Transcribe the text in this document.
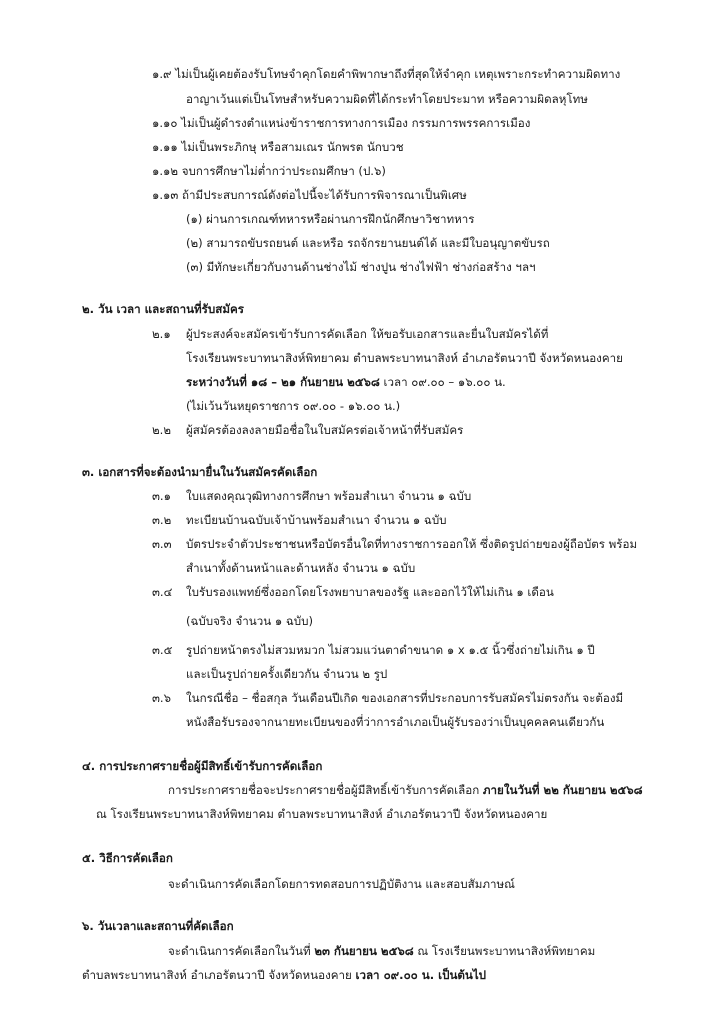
๑.๙ ไม่เป็นผู้เคยต้องรับโทษจำคุกโดยคำพิพากษาถึงที่สุดให้จำคุก เหตุเพราะกระทำความผิดทาง
อาญาเว้นแต่เป็นโทษสำหรับความผิดที่ได้กระทำโดยประมาท หรือความผิดลหุโทษ
๑.๑๐ ไม่เป็นผู้ดำรงตำแหน่งข้าราชการทางการเมือง กรรมการพรรคการเมือง
๑.๑๑ ไม่เป็นพระภิกษุ หรือสามเณร นักพรต นักบวช
๑.๑๒ จบการศึกษาไม่ต่ำกว่าประถมศึกษา (ป.๖)
๑.๑๓ ถ้ามีประสบการณ์ดังต่อไปนี้จะได้รับการพิจารณาเป็นพิเศษ
(๑) ผ่านการเกณฑ์ทหารหรือผ่านการฝึกนักศึกษาวิชาทหาร
(๒) สามารถขับรถยนต์ และหรือ รถจักรยานยนต์ได้ และมีใบอนุญาตขับรถ
(๓) มีทักษะเกี่ยวกับงานด้านช่างไม้ ช่างปูน ช่างไฟฟ้า ช่างก่อสร้าง ฯลฯ
๒. วัน เวลา และสถานที่รับสมัคร
๒.๑ ผู้ประสงค์จะสมัครเข้ารับการคัดเลือก ให้ขอรับเอกสารและยื่นใบสมัครได้ที่
โรงเรียนพระบาทนาสิงห์พิทยาคม ตำบลพระบาทนาสิงห์ อำเภอรัตนวาปี จังหวัดหนองคาย
ระหว่างวันที่ ๑๘ – ๒๑ กันยายน ๒๕๖๘ เวลา ๐๙.๐๐ – ๑๖.๐๐ น.
(ไม่เว้นวันหยุดราชการ ๐๙.๐๐ - ๑๖.๐๐ น.)
๒.๒ ผู้สมัครต้องลงลายมือชื่อในใบสมัครต่อเจ้าหน้าที่รับสมัคร
๓. เอกสารที่จะต้องนำมายื่นในวันสมัครคัดเลือก
๓.๑ ใบแสดงคุณวุฒิทางการศึกษา พร้อมสำเนา จำนวน ๑ ฉบับ
๓.๒ ทะเบียนบ้านฉบับเจ้าบ้านพร้อมสำเนา จำนวน ๑ ฉบับ
๓.๓ บัตรประจำตัวประชาชนหรือบัตรอื่นใดที่ทางราชการออกให้ ซึ่งติดรูปถ่ายของผู้ถือบัตร พร้อม
สำเนาทั้งด้านหน้าและด้านหลัง จำนวน ๑ ฉบับ
๓.๔ ใบรับรองแพทย์ซึ่งออกโดยโรงพยาบาลของรัฐ และออกไว้ให้ไม่เกิน ๑ เดือน
(ฉบับจริง จำนวน ๑ ฉบับ)
๓.๕ รูปถ่ายหน้าตรงไม่สวมหมวก ไม่สวมแว่นตาดำขนาด ๑ x ๑.๕ นิ้วซึ่งถ่ายไม่เกิน ๑ ปี
และเป็นรูปถ่ายครั้งเดียวกัน จำนวน ๒ รูป
๓.๖ ในกรณีชื่อ – ชื่อสกุล วันเดือนปีเกิด ของเอกสารที่ประกอบการรับสมัครไม่ตรงกัน จะต้องมี
หนังสือรับรองจากนายทะเบียนของที่ว่าการอำเภอเป็นผู้รับรองว่าเป็นบุคคลคนเดียวกัน
๔. การประกาศรายชื่อผู้มีสิทธิ์เข้ารับการคัดเลือก
การประกาศรายชื่อจะประกาศรายชื่อผู้มีสิทธิ์เข้ารับการคัดเลือก ภายในวันที่ ๒๒ กันยายน ๒๕๖๘
ณ โรงเรียนพระบาทนาสิงห์พิทยาคม ตำบลพระบาทนาสิงห์ อำเภอรัตนวาปี จังหวัดหนองคาย
๕. วิธีการคัดเลือก
จะดำเนินการคัดเลือกโดยการทดสอบการปฏิบัติงาน และสอบสัมภาษณ์
๖. วันเวลาและสถานที่คัดเลือก
จะดำเนินการคัดเลือกในวันที่ ๒๓ กันยายน ๒๕๖๘ ณ โรงเรียนพระบาทนาสิงห์พิทยาคม
ตำบลพระบาทนาสิงห์ อำเภอรัตนวาปี จังหวัดหนองคาย เวลา ๐๙.๐๐ น. เป็นต้นไป
